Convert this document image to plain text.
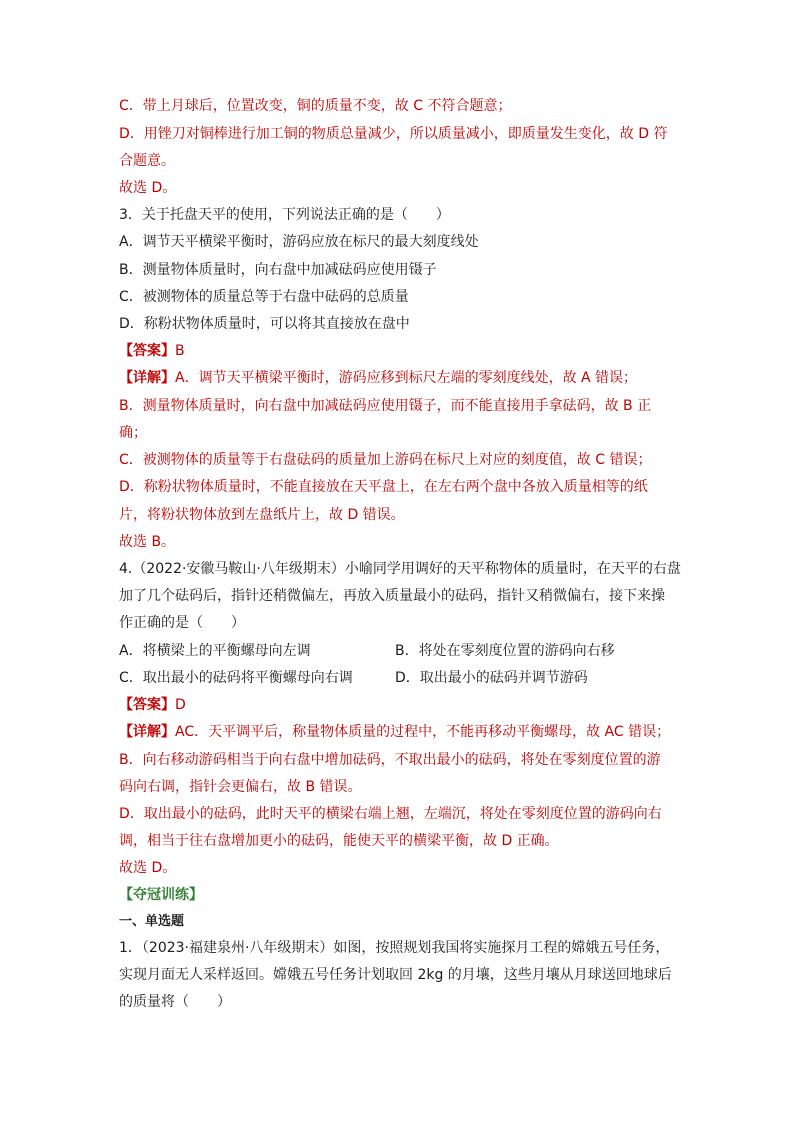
C．带上月球后，位置改变，铜的质量不变，故 C 不符合题意；
D．用锉刀对铜棒进行加工铜的物质总量减少，所以质量减小，即质量发生变化，故 D 符
合题意。
故选 D。
3．关于托盘天平的使用，下列说法正确的是（　　）
A．调节天平横梁平衡时，游码应放在标尺的最大刻度线处
B．测量物体质量时，向右盘中加减砝码应使用镊子
C．被测物体的质量总等于右盘中砝码的总质量
D．称粉状物体质量时，可以将其直接放在盘中
【答案】B
【详解】A．调节天平横梁平衡时，游码应移到标尺左端的零刻度线处，故 A 错误；
B．测量物体质量时，向右盘中加减砝码应使用镊子，而不能直接用手拿砝码，故 B 正
确；
C．被测物体的质量等于右盘砝码的质量加上游码在标尺上对应的刻度值，故 C 错误；
D．称粉状物体质量时，不能直接放在天平盘上，在左右两个盘中各放入质量相等的纸
片，将粉状物体放到左盘纸片上，故 D 错误。
故选 B。
4.（2022·安徽马鞍山·八年级期末）小喻同学用调好的天平称物体的质量时，在天平的右盘
加了几个砝码后，指针还稍微偏左，再放入质量最小的砝码，指针又稍微偏右，接下来操
作正确的是（　　）
A．将横梁上的平衡螺母向左调	B．将处在零刻度位置的游码向右移
C．取出最小的砝码将平衡螺母向右调	D．取出最小的砝码并调节游码
【答案】D
【详解】AC．天平调平后，称量物体质量的过程中，不能再移动平衡螺母，故 AC 错误；
B．向右移动游码相当于向右盘中增加砝码，不取出最小的砝码，将处在零刻度位置的游
码向右调，指针会更偏右，故 B 错误。
D．取出最小的砝码，此时天平的横梁右端上翘，左端沉，将处在零刻度位置的游码向右
调，相当于往右盘增加更小的砝码，能使天平的横梁平衡，故 D 正确。
故选 D。
【夺冠训练】
一、单选题
1．（2023·福建泉州·八年级期末）如图，按照规划我国将实施探月工程的嫦娥五号任务，
实现月面无人采样返回。嫦娥五号任务计划取回 2kg 的月壤，这些月壤从月球送回地球后
的质量将（　　）
